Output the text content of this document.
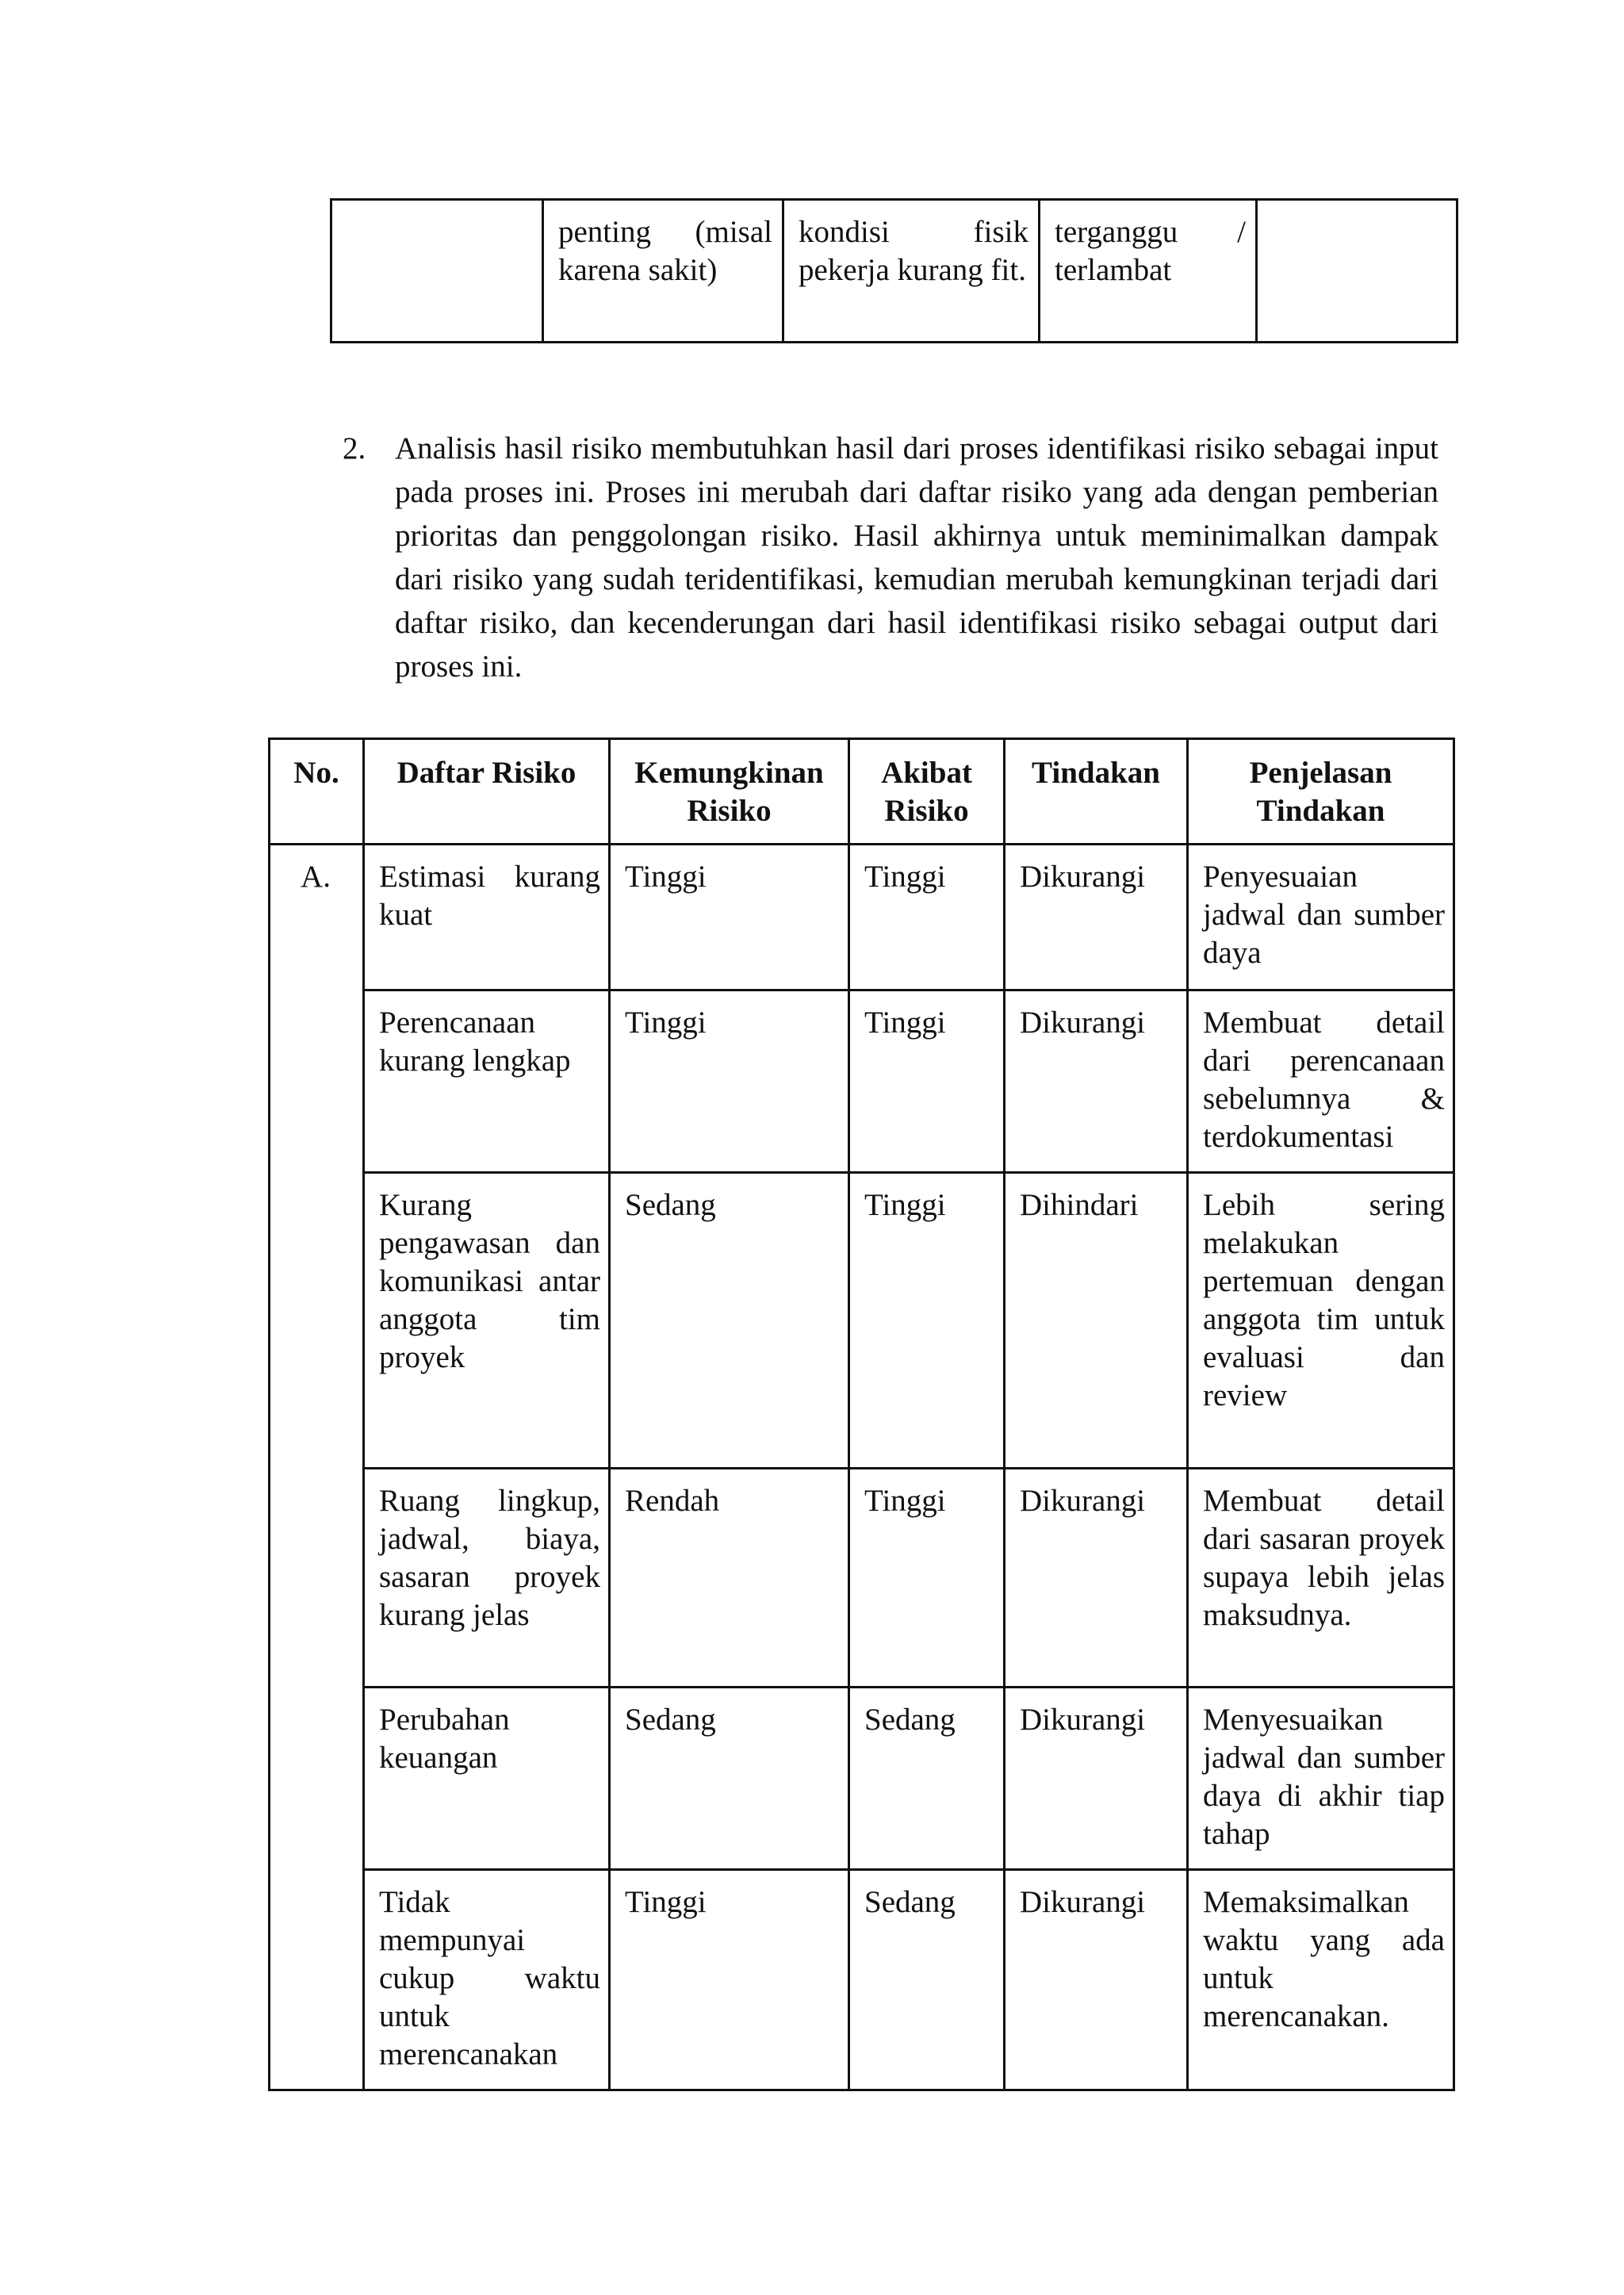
	penting (misal karena sakit)	kondisi fisik pekerja kurang fit.	terganggu / terlambat	
2. Analisis hasil risiko membutuhkan hasil dari proses identifikasi risiko sebagai input pada proses ini. Proses ini merubah dari daftar risiko yang ada dengan pemberian prioritas dan penggolongan risiko. Hasil akhirnya untuk meminimalkan dampak dari risiko yang sudah teridentifikasi, kemudian merubah kemungkinan terjadi dari daftar risiko, dan kecenderungan dari hasil identifikasi risiko sebagai output dari proses ini.
No.	Daftar Risiko	Kemungkinan Risiko	Akibat Risiko	Tindakan	Penjelasan Tindakan
A.	Estimasi kurang kuat	Tinggi	Tinggi	Dikurangi	Penyesuaian jadwal dan sumber daya
	Perencanaan kurang lengkap	Tinggi	Tinggi	Dikurangi	Membuat detail dari perencanaan sebelumnya & terdokumentasi
	Kurang pengawasan dan komunikasi antar anggota tim proyek	Sedang	Tinggi	Dihindari	Lebih sering melakukan pertemuan dengan anggota tim untuk evaluasi dan review
	Ruang lingkup, jadwal, biaya, sasaran proyek kurang jelas	Rendah	Tinggi	Dikurangi	Membuat detail dari sasaran proyek supaya lebih jelas maksudnya.
	Perubahan keuangan	Sedang	Sedang	Dikurangi	Menyesuaikan jadwal dan sumber daya di akhir tiap tahap
	Tidak mempunyai cukup waktu untuk merencanakan	Tinggi	Sedang	Dikurangi	Memaksimalkan waktu yang ada untuk merencanakan.
